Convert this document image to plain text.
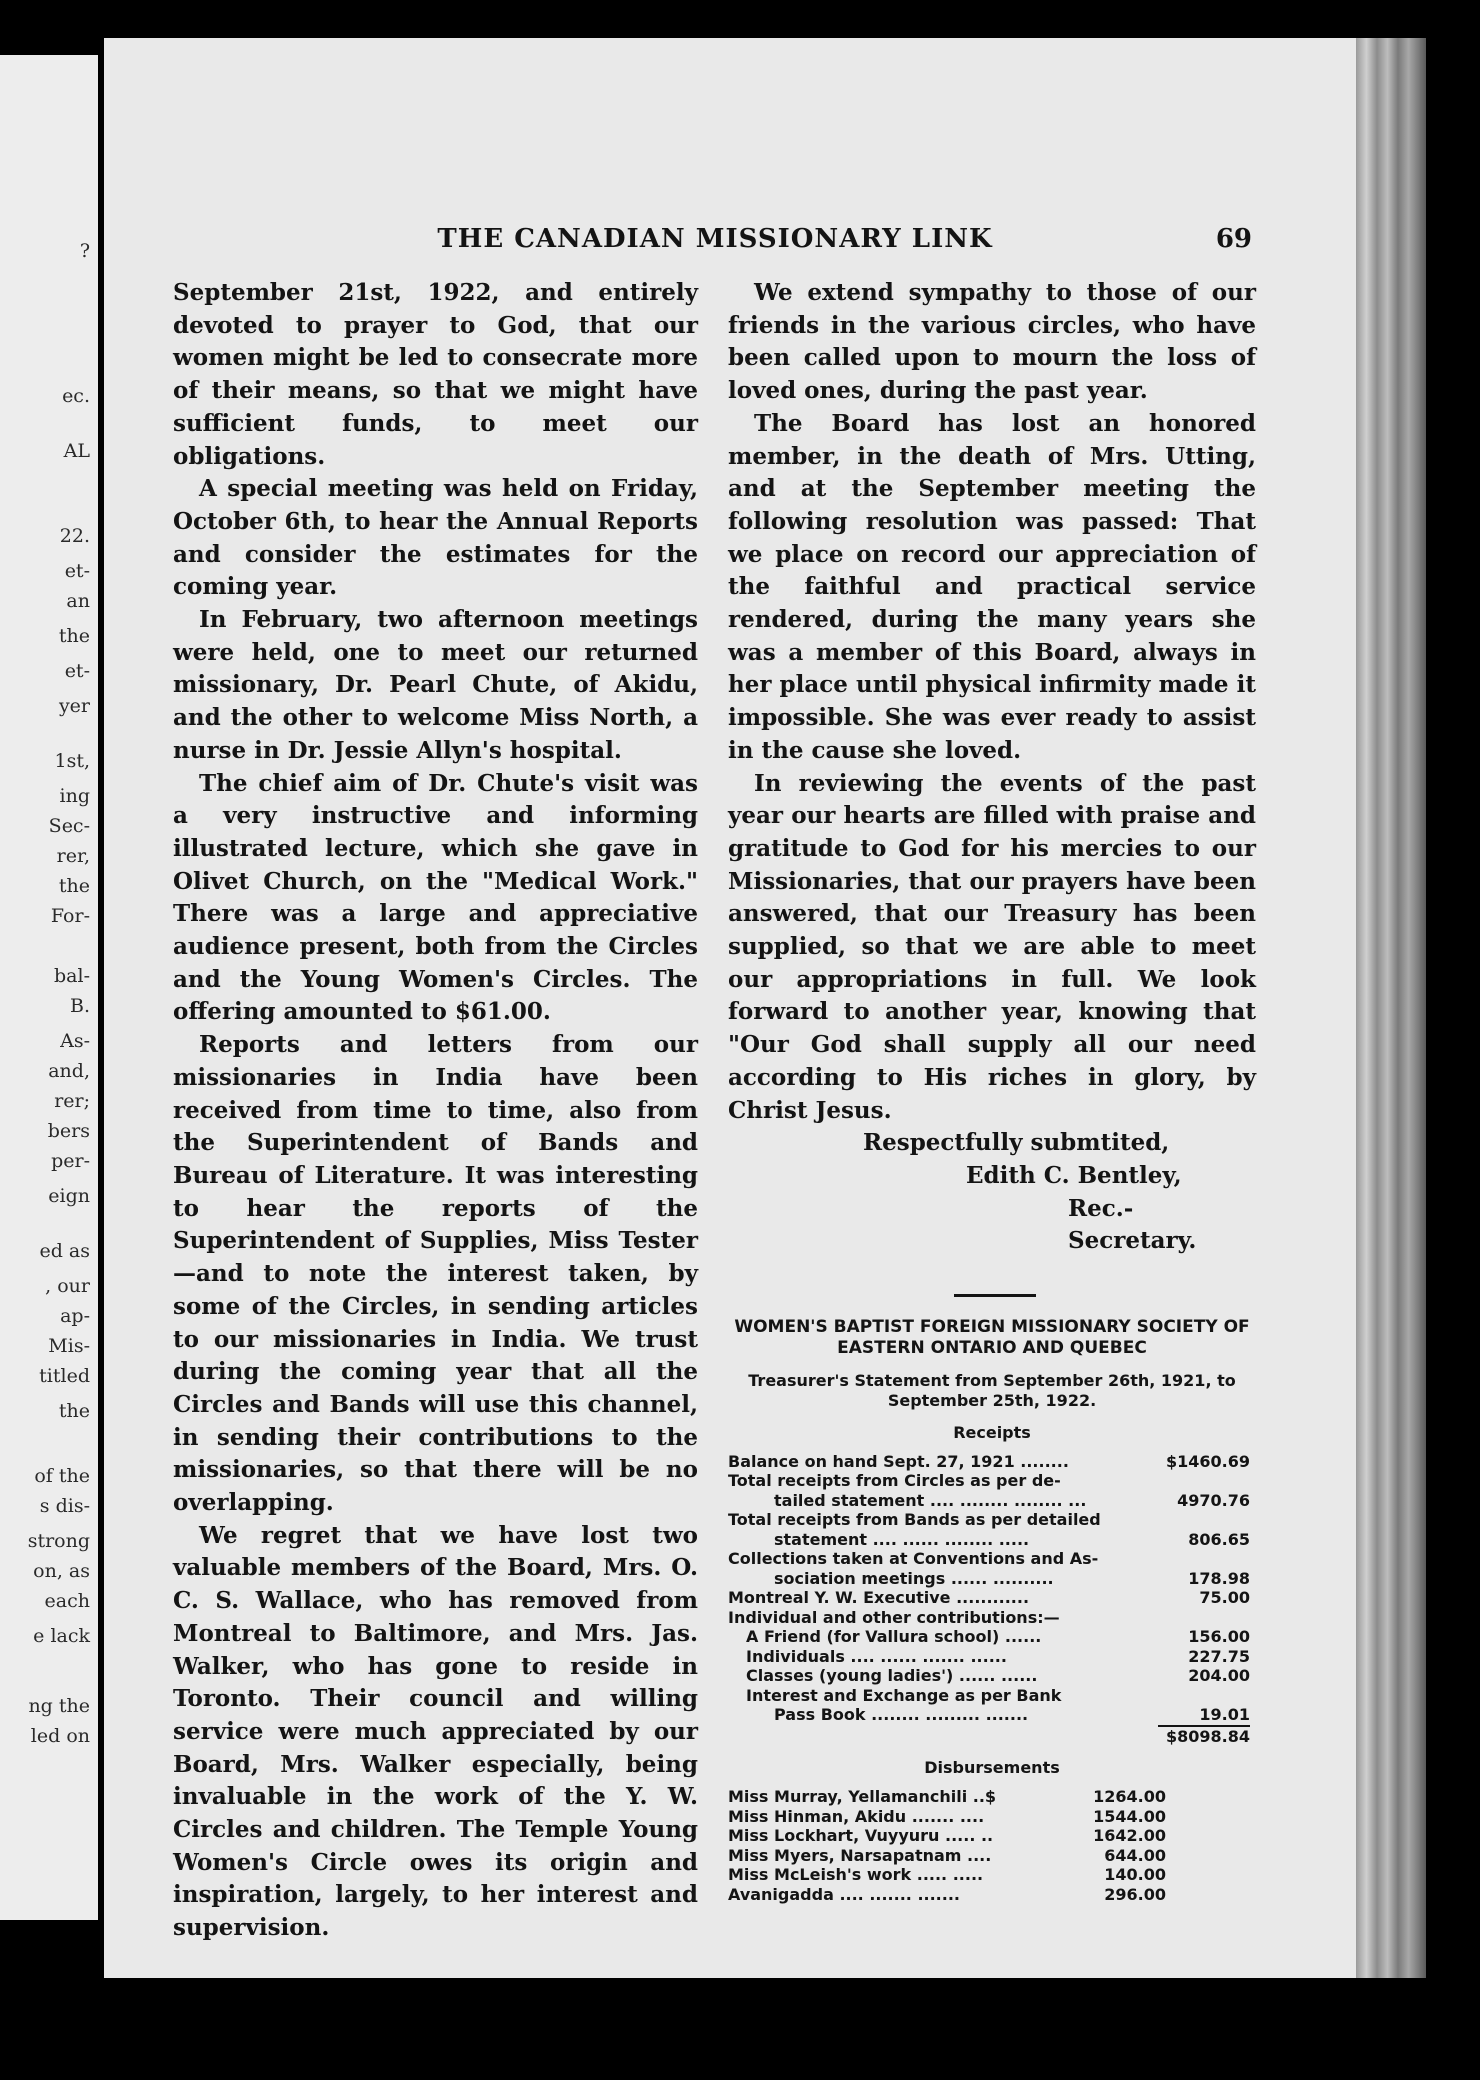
?
ec.
AL
22.
et-
an
the
et-
yer
1st,
ing
Sec-
rer,
the
For-
bal-
B.
As-
and,
rer;
bers
per-
eign
ed as
, our
ap-
Mis-
titled
the
of the
s dis-
strong
on, as
each
e lack
ng the
led on
THE CANADIAN MISSIONARY LINK	69

September 21st, 1922, and entirely devoted to prayer to God, that our women might be led to consecrate more of their means, so that we might have sufficient funds, to meet our obligations.

A special meeting was held on Friday, October 6th, to hear the Annual Reports and consider the estimates for the coming year.

In February, two afternoon meetings were held, one to meet our returned missionary, Dr. Pearl Chute, of Akidu, and the other to welcome Miss North, a nurse in Dr. Jessie Allyn's hospital.

The chief aim of Dr. Chute's visit was a very instructive and informing illustrated lecture, which she gave in Olivet Church, on the "Medical Work." There was a large and appreciative audience present, both from the Circles and the Young Women's Circles. The offering amounted to $61.00.

Reports and letters from our missionaries in India have been received from time to time, also from the Superintendent of Bands and Bureau of Literature. It was interesting to hear the reports of the Superintendent of Supplies, Miss Tester—and to note the interest taken, by some of the Circles, in sending articles to our missionaries in India. We trust during the coming year that all the Circles and Bands will use this channel, in sending their contributions to the missionaries, so that there will be no overlapping.

We regret that we have lost two valuable members of the Board, Mrs. O. C. S. Wallace, who has removed from Montreal to Baltimore, and Mrs. Jas. Walker, who has gone to reside in Toronto. Their council and willing service were much appreciated by our Board, Mrs. Walker especially, being invaluable in the work of the Y. W. Circles and children. The Temple Young Women's Circle owes its origin and inspiration, largely, to her interest and supervision.

We extend sympathy to those of our friends in the various circles, who have been called upon to mourn the loss of loved ones, during the past year.

The Board has lost an honored member, in the death of Mrs. Utting, and at the September meeting the following resolution was passed: That we place on record our appreciation of the faithful and practical service rendered, during the many years she was a member of this Board, always in her place until physical infirmity made it impossible. She was ever ready to assist in the cause she loved.

In reviewing the events of the past year our hearts are filled with praise and gratitude to God for his mercies to our Missionaries, that our prayers have been answered, that our Treasury has been supplied, so that we are able to meet our appropriations in full. We look forward to another year, knowing that "Our God shall supply all our need according to His riches in glory, by Christ Jesus.

Respectfully submtited,
Edith C. Bentley,
Rec.-Secretary.
WOMEN'S BAPTIST FOREIGN MISSIONARY SOCIETY OF EASTERN ONTARIO AND QUEBEC
Treasurer's Statement from September 26th, 1921, to September 25th, 1922.
Receipts
Balance on hand Sept. 27, 1921 ........	$1460.69
Total receipts from Circles as per de-
tailed statement .... ........ ........ ...	4970.76
Total receipts from Bands as per detailed
statement .... ...... ........ .....	806.65
Collections taken at Conventions and As-
sociation meetings ...... ..........	178.98
Montreal Y. W. Executive ............	75.00
Individual and other contributions:—
A Friend (for Vallura school) ......	156.00
Individuals .... ...... ....... ......	227.75
Classes (young ladies') ...... ......	204.00
Interest and Exchange as per Bank
Pass Book ........ ......... .......	19.01
$8098.84
Disbursements
Miss Murray, Yellamanchili ..$	1264.00
Miss Hinman, Akidu ....... ....	1544.00
Miss Lockhart, Vuyyuru ..... ..	1642.00
Miss Myers, Narsapatnam ....	644.00
Miss McLeish's work ..... .....	140.00
Avanigadda .... ....... .......	296.00
